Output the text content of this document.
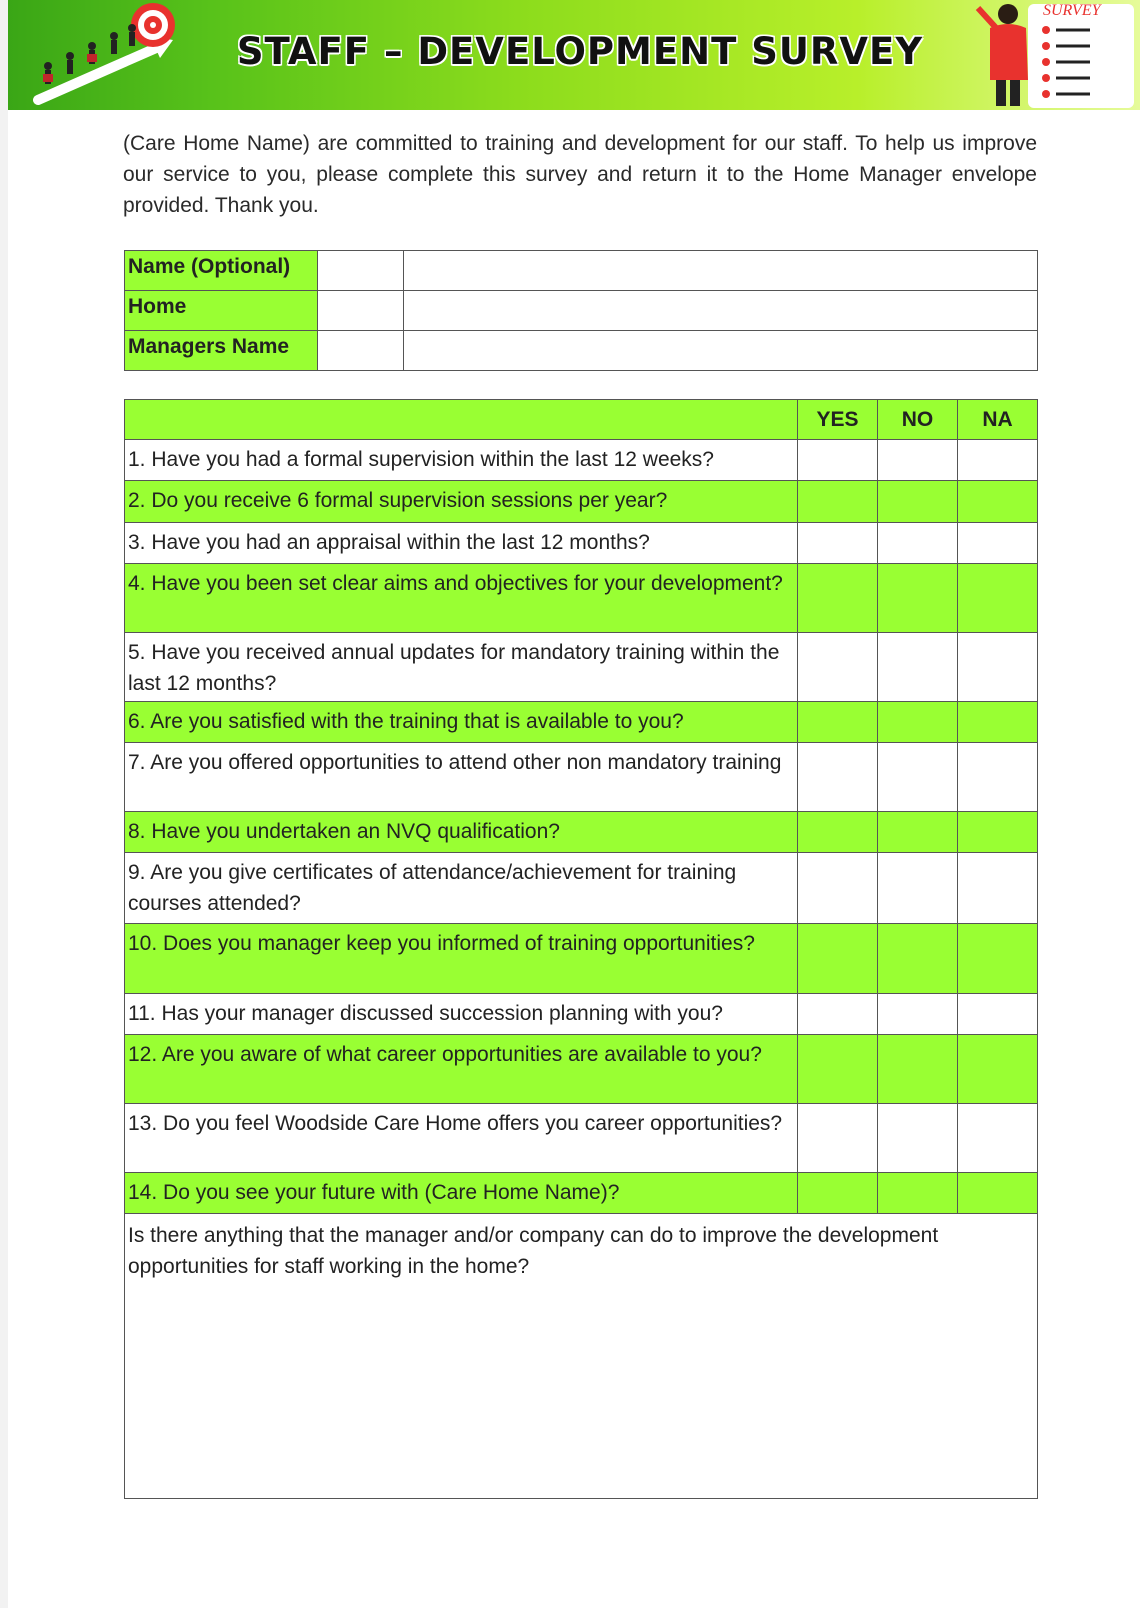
STAFF – DEVELOPMENT SURVEY
SURVEY

(Care Home Name) are committed to training and development for our staff. To help us improve our service to you, please complete this survey and return it to the Home Manager envelope provided. Thank you.

Name (Optional)		
Home		
Managers Name		
	YES	NO	NA
1. Have you had a formal supervision within the last 12 weeks?			
2. Do you receive 6 formal supervision sessions per year?			
3. Have you had an appraisal within the last 12 months?			
4. Have you been set clear aims and objectives for your development?			
5. Have you received annual updates for mandatory training within the last 12 months?			
6. Are you satisfied with the training that is available to you?			
7. Are you offered opportunities to attend other non mandatory training			
8. Have you undertaken an NVQ qualification?			
9. Are you give certificates of attendance/achievement for training courses attended?			
10. Does you manager keep you informed of training opportunities?			
11. Has your manager discussed succession planning with you?			
12. Are you aware of what career opportunities are available to you?			
13. Do you feel Woodside Care Home offers you career opportunities?			
14. Do you see your future with (Care Home Name)?			
Is there anything that the manager and/or company can do to improve the development opportunities for staff working in the home?			
